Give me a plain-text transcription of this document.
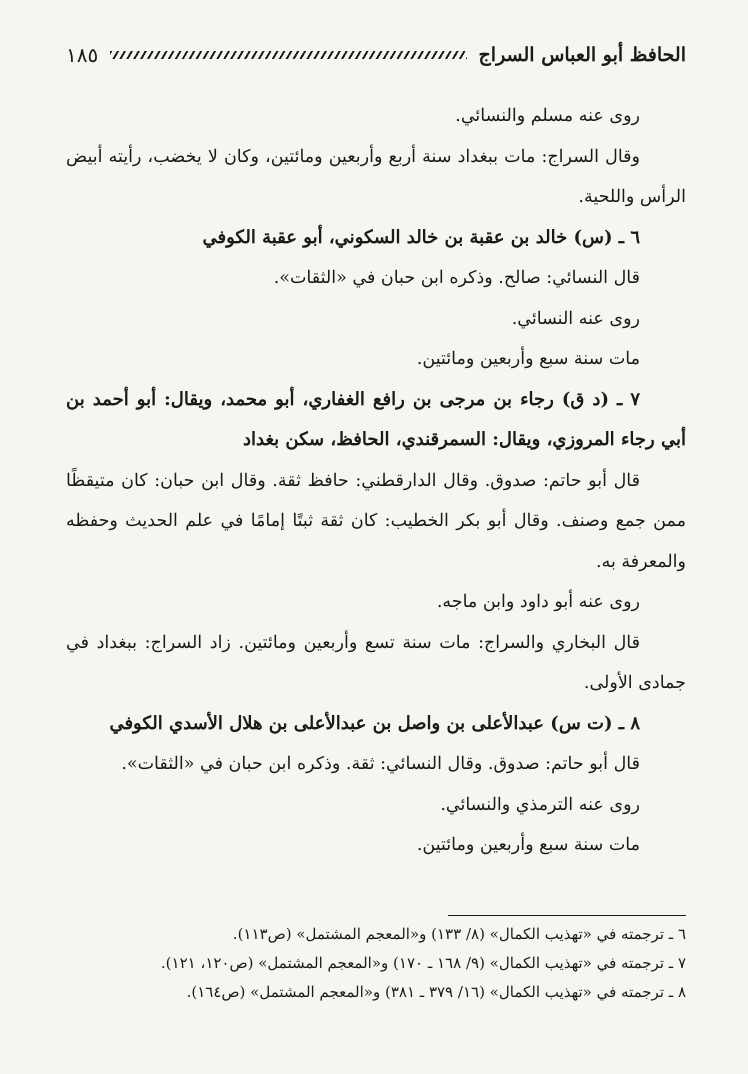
الحافظ أبو العباس السراج
١٨٥

روى عنه مسلم والنسائي.

وقال السراج: مات ببغداد سنة أربع وأربعين ومائتين، وكان لا يخضب، رأيته أبيض الرأس واللحية.

٦ ـ (س) خالد بن عقبة بن خالد السكوني، أبو عقبة الكوفي

قال النسائي: صالح. وذكره ابن حبان في «الثقات».

روى عنه النسائي.

مات سنة سبع وأربعين ومائتين.

٧ ـ (د ق) رجاء بن مرجى بن رافع الغفاري، أبو محمد، ويقال: أبو أحمد بن أبي رجاء المروزي، ويقال: السمرقندي، الحافظ، سكن بغداد

قال أبو حاتم: صدوق. وقال الدارقطني: حافظ ثقة. وقال ابن حبان: كان متيقظًا ممن جمع وصنف. وقال أبو بكر الخطيب: كان ثقة ثبتًا إمامًا في علم الحديث وحفظه والمعرفة به.

روى عنه أبو داود وابن ماجه.

قال البخاري والسراج: مات سنة تسع وأربعين ومائتين. زاد السراج: ببغداد في جمادى الأولى.

٨ ـ (ت س) عبدالأعلى بن واصل بن عبدالأعلى بن هلال الأسدي الكوفي

قال أبو حاتم: صدوق. وقال النسائي: ثقة. وذكره ابن حبان في «الثقات».

روى عنه الترمذي والنسائي.

مات سنة سبع وأربعين ومائتين.

٦ ـ ترجمته في «تهذيب الكمال» (٨/ ١٣٣) و«المعجم المشتمل» (ص١١٣).

٧ ـ ترجمته في «تهذيب الكمال» (٩/ ١٦٨ ـ ١٧٠) و«المعجم المشتمل» (ص١٢٠، ١٢١).

٨ ـ ترجمته في «تهذيب الكمال» (١٦/ ٣٧٩ ـ ٣٨١) و«المعجم المشتمل» (ص١٦٤).
